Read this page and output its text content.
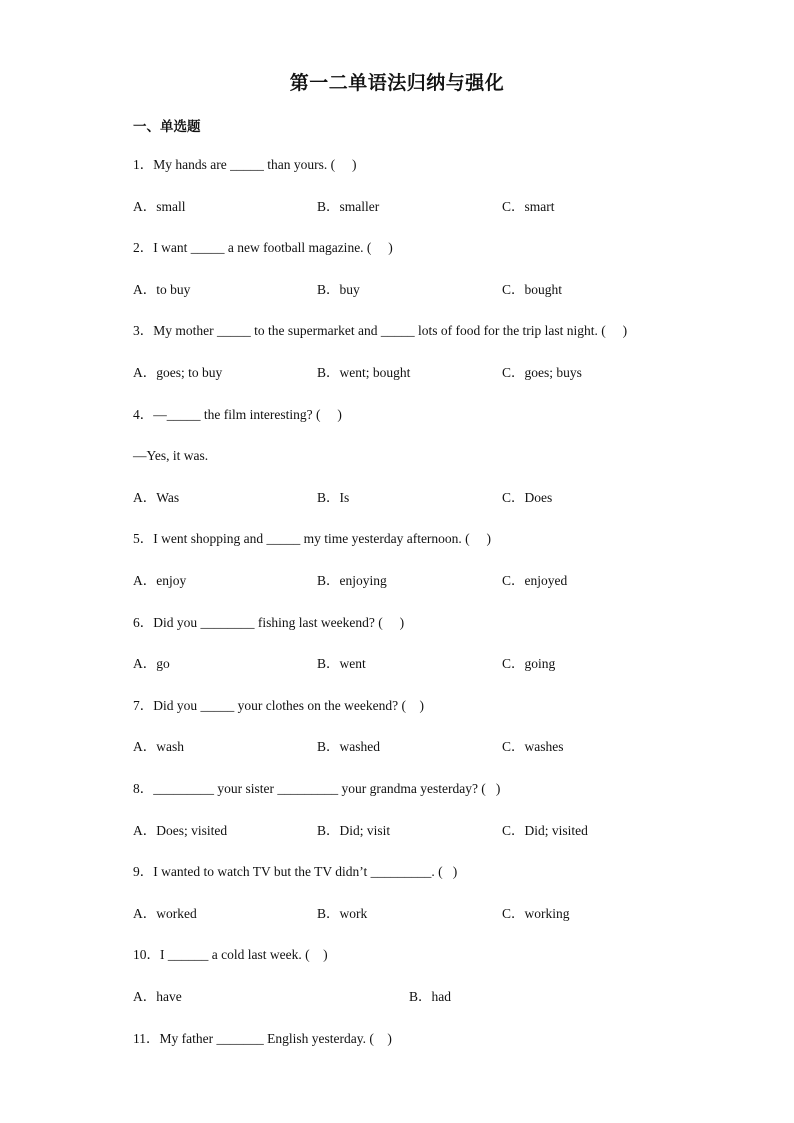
第一二单语法归纳与强化
一、单选题
1．My hands are _____ than yours. (     )
A．small	B．smaller	C．smart
2．I want _____ a new football magazine. (     )
A．to buy	B．buy	C．bought
3．My mother _____ to the supermarket and _____ lots of food for the trip last night. (     )
A．goes; to buy	B．went; bought	C．goes; buys
4．—_____ the film interesting? (     )
—Yes, it was.
A．Was	B．Is	C．Does
5．I went shopping and _____ my time yesterday afternoon. (     )
A．enjoy	B．enjoying	C．enjoyed
6．Did you ________ fishing last weekend? (     )
A．go	B．went	C．going
7．Did you _____ your clothes on the weekend? (    )
A．wash	B．washed	C．washes
8．_________ your sister _________ your grandma yesterday? (   )
A．Does; visited	B．Did; visit	C．Did; visited
9．I wanted to watch TV but the TV didn’t _________. (   )
A．worked	B．work	C．working
10．I ______ a cold last week. (    )
A．have	B．had
11．My father _______ English yesterday. (    )
